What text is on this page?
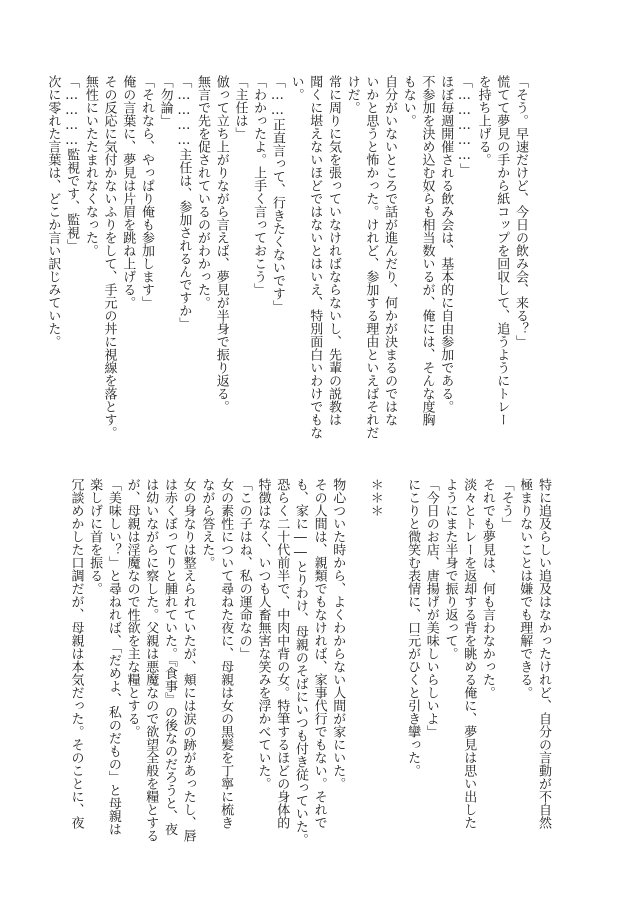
「そう。早速だけど、今日の飲み会、来る？」
慌てて夢見の手から紙コップを回収して、追うようにトレー
を持ち上げる。
「……………」
ほぼ毎週開催される飲み会は、基本的に自由参加である。
不参加を決め込む奴らも相当数いるが、俺には、そんな度胸
もない。
自分がいないところで話が進んだり、何かが決まるのではな
いかと思うと怖かった。けれど、参加する理由といえばそれだ
けだ。
常に周りに気を張っていなければならないし、先輩の説教は
聞くに堪えないほどではないとはいえ、特別面白いわけでもな
い。
「……正直言って、行きたくないです」
「わかったよ。上手く言っておこう」
「主任は」
倣って立ち上がりながら言えば、夢見が半身で振り返る。
無言で先を促されているのがわかった。
「…………主任は、参加されるんですか」
「勿論」
「それなら、やっぱり俺も参加します」
俺の言葉に、夢見は片眉を跳ね上げる。
その反応に気付かないふりをして、手元の丼に視線を落とす。
無性にいたたまれなくなった。
「…………監視です、監視」
次に零れた言葉は、どこか言い訳じみていた。
特に追及らしい追及はなかったけれど、自分の言動が不自然
極まりないことは嫌でも理解できる。
「そう」
それでも夢見は、何も言わなかった。
淡々とトレーを返却する背を眺める俺に、夢見は思い出した
ようにまた半身で振り返って。
「今日のお店、唐揚げが美味しいらしいよ」
にこりと微笑む表情に、口元がひくと引き攣った。
＊＊＊
物心ついた時から、よくわからない人間が家にいた。
その人間は、親類でもなければ、家事代行でもない。それで
も、家に――とりわけ、母親のそばにいつも付き従っていた。
恐らく二十代前半で、中肉中背の女。特筆するほどの身体的
特徴はなく、いつも人畜無害な笑みを浮かべていた。
「この子はね、私の運命なの」
女の素性について尋ねた夜に、母親は女の黒髪を丁寧に梳き
ながら答えた。
女の身なりは整えられていたが、頬には涙の跡があったし、唇
は赤くぼってりと腫れていた。『食事』の後なのだろうと、夜
は幼いながらに察した。父親は悪魔なので欲望全般を糧とする
が、母親は淫魔なので性欲を主な糧とする。
「美味しい？」と尋ねれば、「だめよ、私のだもの」と母親は
楽しげに首を振る。
冗談めかした口調だが、母親は本気だった。そのことに、夜
